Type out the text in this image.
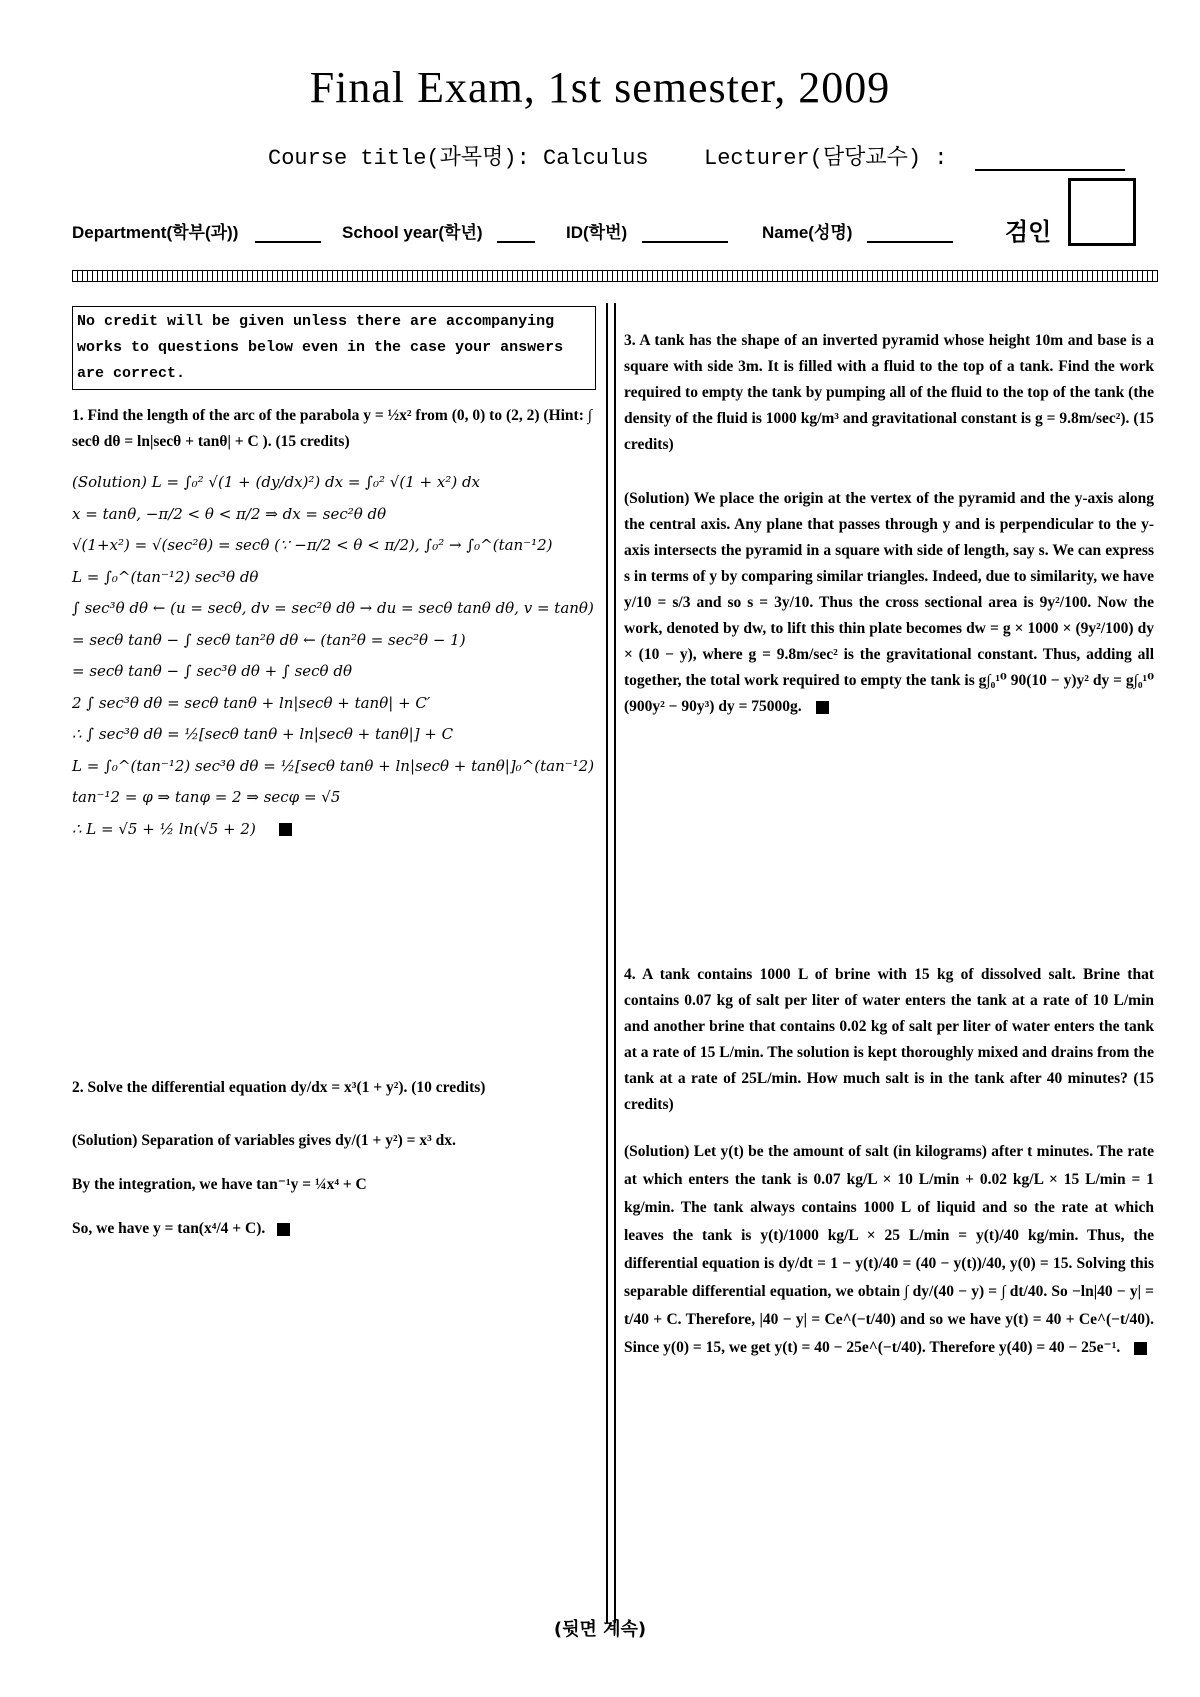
Final Exam, 1st semester, 2009
Course title(과목명): Calculus	Lecturer(담당교수) :
Department(학부(과))	School year(학년)	ID(학번)	Name(성명)	검인
No credit will be given unless there are accompanying works to questions below even in the case your answers are correct.

1. Find the length of the arc of the parabola y = ½x² from (0, 0) to (2, 2) (Hint: ∫ secθ dθ = ln|secθ + tanθ| + C ). (15 credits)

(Solution) L = ∫₀² √(1 + (dy/dx)²) dx = ∫₀² √(1 + x²) dx
x = tanθ, −π/2 < θ < π/2 ⇒ dx = sec²θ dθ
√(1+x²) = √(sec²θ) = secθ (∵ −π/2 < θ < π/2), ∫₀² → ∫₀^(tan⁻¹2)
L = ∫₀^(tan⁻¹2) sec³θ dθ
∫ sec³θ dθ ← (u = secθ, dv = sec²θ dθ → du = secθ tanθ dθ, v = tanθ)
= secθ tanθ − ∫ secθ tan²θ dθ ← (tan²θ = sec²θ − 1)
= secθ tanθ − ∫ sec³θ dθ + ∫ secθ dθ
2 ∫ sec³θ dθ = secθ tanθ + ln|secθ + tanθ| + C′
∴ ∫ sec³θ dθ = ½[secθ tanθ + ln|secθ + tanθ|] + C
L = ∫₀^(tan⁻¹2) sec³θ dθ = ½[secθ tanθ + ln|secθ + tanθ|]₀^(tan⁻¹2)
tan⁻¹2 = φ ⇒ tanφ = 2 ⇒ secφ = √5
∴ L = √5 + ½ ln(√5 + 2)

2. Solve the differential equation dy/dx = x³(1 + y²). (10 credits)

(Solution) Separation of variables gives dy/(1 + y²) = x³ dx.
By the integration, we have tan⁻¹y = ¼x⁴ + C
So, we have y = tan(x⁴/4 + C).

3. A tank has the shape of an inverted pyramid whose height 10m and base is a square with side 3m. It is filled with a fluid to the top of a tank. Find the work required to empty the tank by pumping all of the fluid to the top of the tank (the density of the fluid is 1000 kg/m³ and gravitational constant is g = 9.8m/sec²). (15 credits)

(Solution) We place the origin at the vertex of the pyramid and the y-axis along the central axis. Any plane that passes through y and is perpendicular to the y-axis intersects the pyramid in a square with side of length, say s. We can express s in terms of y by comparing similar triangles. Indeed, due to similarity, we have y/10 = s/3 and so s = 3y/10. Thus the cross sectional area is 9y²/100. Now the work, denoted by dw, to lift this thin plate becomes dw = g × 1000 × (9y²/100) dy × (10 − y), where g = 9.8m/sec² is the gravitational constant. Thus, adding all together, the total work required to empty the tank is g∫₀¹⁰ 90(10 − y)y² dy = g∫₀¹⁰ (900y² − 90y³) dy = 75000g.

4. A tank contains 1000 L of brine with 15 kg of dissolved salt. Brine that contains 0.07 kg of salt per liter of water enters the tank at a rate of 10 L/min and another brine that contains 0.02 kg of salt per liter of water enters the tank at a rate of 15 L/min. The solution is kept thoroughly mixed and drains from the tank at a rate of 25L/min. How much salt is in the tank after 40 minutes? (15 credits)

(Solution) Let y(t) be the amount of salt (in kilograms) after t minutes. The rate at which enters the tank is 0.07 kg/L × 10 L/min + 0.02 kg/L × 15 L/min = 1 kg/min. The tank always contains 1000 L of liquid and so the rate at which leaves the tank is y(t)/1000 kg/L × 25 L/min = y(t)/40 kg/min. Thus, the differential equation is dy/dt = 1 − y(t)/40 = (40 − y(t))/40, y(0) = 15. Solving this separable differential equation, we obtain ∫ dy/(40 − y) = ∫ dt/40. So −ln|40 − y| = t/40 + C. Therefore, |40 − y| = Ce^(−t/40) and so we have y(t) = 40 + Ce^(−t/40). Since y(0) = 15, we get y(t) = 40 − 25e^(−t/40). Therefore y(40) = 40 − 25e⁻¹.

(뒷면 계속)
